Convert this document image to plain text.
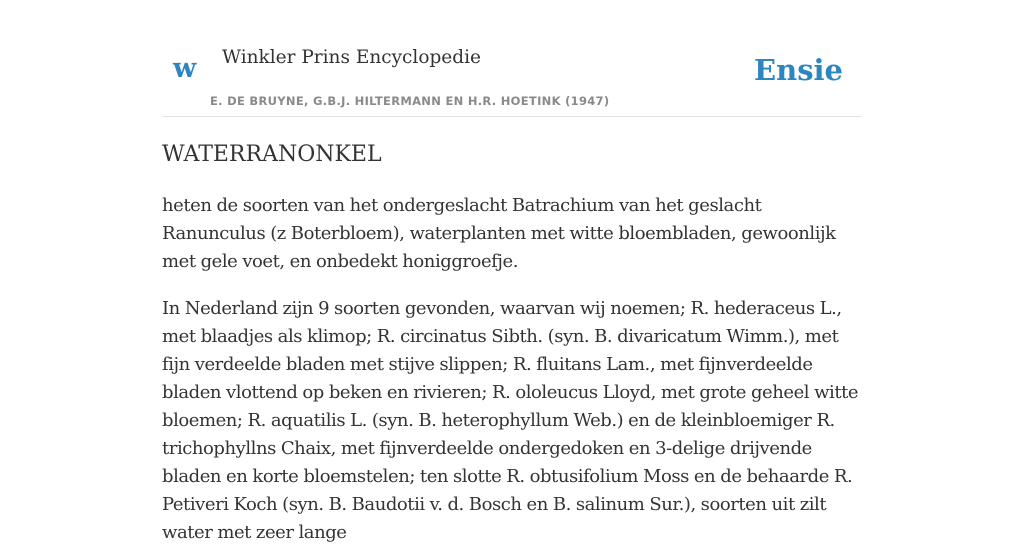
w Winkler Prins Encyclopedie
E. DE BRUYNE, G.B.J. HILTERMANN EN H.R. HOETINK (1947)
Ensie
WATERRANONKEL

heten de soorten van het ondergeslacht Batrachium van het geslacht Ranunculus (z Boterbloem), waterplanten met witte bloembladen, gewoonlijk met gele voet, en onbedekt honiggroefje.

In Nederland zijn 9 soorten gevonden, waarvan wij noemen; R. hederaceus L., met blaadjes als klimop; R. circinatus Sibth. (syn. B. divaricatum Wimm.), met fijn verdeelde bladen met stijve slippen; R. fluitans Lam., met fijnverdeelde bladen vlottend op beken en rivieren; R. ololeucus Lloyd, met grote geheel witte bloemen; R. aquatilis L. (syn. B. heterophyllum Web.) en de kleinbloemiger R. trichophyllns Chaix, met fijnverdeelde ondergedoken en 3-delige drijvende bladen en korte bloemstelen; ten slotte R. obtusifolium Moss en de behaarde R. Petiveri Koch (syn. B. Baudotii v. d. Bosch en B. salinum Sur.), soorten uit zilt water met zeer lange
